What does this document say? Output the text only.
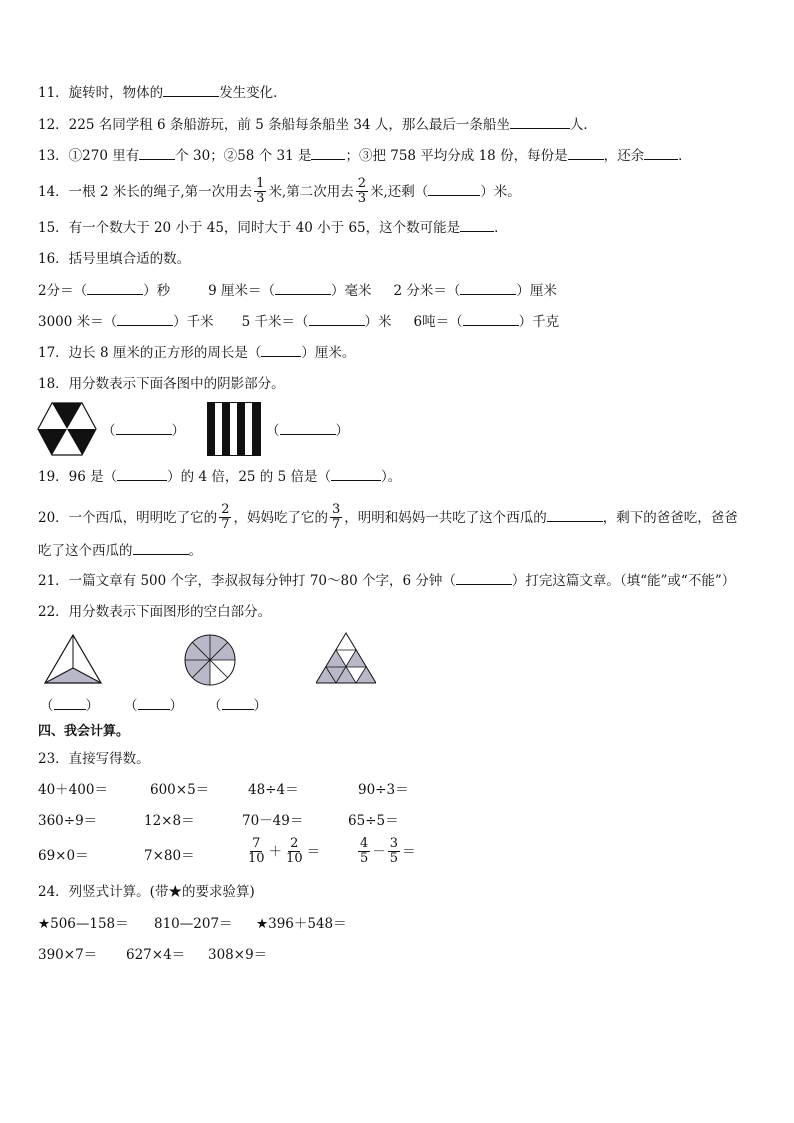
11．旋转时，物体的	发生变化．
12．225 名同学租 6 条船游玩，前 5 条船每条船坐 34 人，那么最后一条船坐	人．
13．①270 里有	个 30；②58 个 31 是	；③把 758 平均分成 18 份，每份是	，还余	．
14．一根 2 米长的绳子,第一次用去 $\frac{1}{3}$ 米,第二次用去 $\frac{2}{3}$ 米,还剩（	）米。
15．有一个数大于 20 小于 45，同时大于 40 小于 65，这个数可能是	．
16．括号里填合适的数。
2分＝（	）秒	9 厘米＝（	）毫米 2 分米＝（	）厘米
3000 米＝（	）千米 5 千米＝（	）米 6吨＝（	）千克
17．边长 8 厘米的正方形的周长是（	）厘米。
18．用分数表示下面各图中的阴影部分。
（	）	（	）
19．96 是（	）的 4 倍，25 的 5 倍是（	）。
20．一个西瓜，明明吃了它的 $\frac{2}{7}$ ，妈妈吃了它的 $\frac{3}{7}$ ，明明和妈妈一共吃了这个西瓜的	，剩下的爸爸吃，爸爸
吃了这个西瓜的	。
21．一篇文章有 500 个字，李叔叔每分钟打 70～80 个字，6 分钟（	）打完这篇文章。（填“能”或“不能”）
22．用分数表示下面图形的空白部分。
（ ） （ ） （ ）
四、我会计算。
23．直接写得数。
40＋400＝	600×5＝	48÷4＝	90÷3＝
360÷9＝	12×8＝	70－49＝	65÷5＝
69×0＝	7×80＝	$\frac{7}{10} + \frac{2}{10}$ ＝	$\frac{4}{5} - \frac{3}{5}$ ＝
24．列竖式计算。(带★的要求验算)
★506—158＝ 810—207＝ ★396＋548＝
390×7＝ 627×4＝ 308×9＝
